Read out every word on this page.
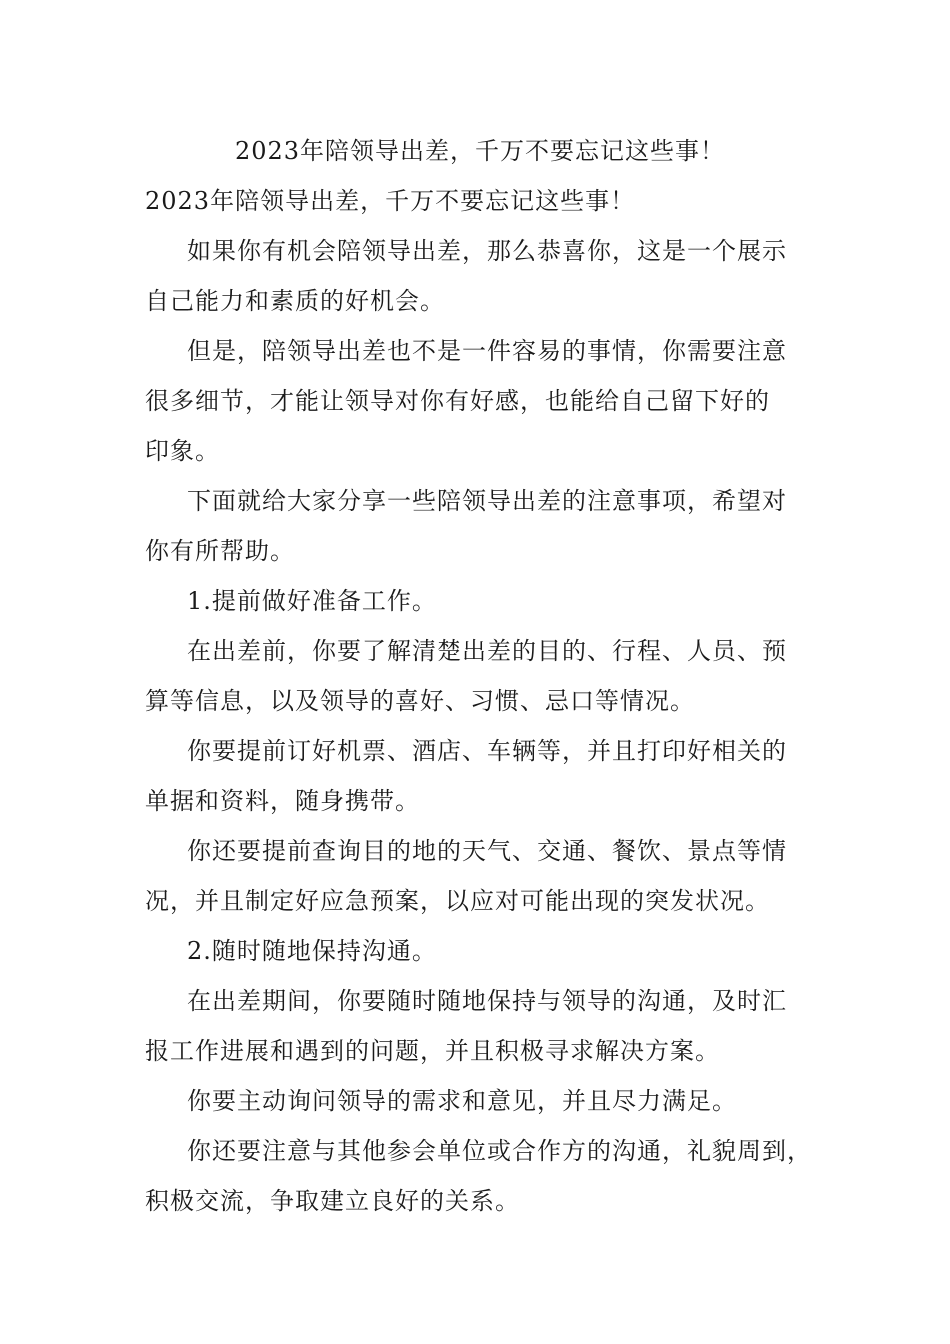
2023年陪领导出差，千万不要忘记这些事！

2023年陪领导出差，千万不要忘记这些事！

如果你有机会陪领导出差，那么恭喜你，这是一个展示

自己能力和素质的好机会。

但是，陪领导出差也不是一件容易的事情，你需要注意

很多细节，才能让领导对你有好感，也能给自己留下好的

印象。

下面就给大家分享一些陪领导出差的注意事项，希望对

你有所帮助。

1.提前做好准备工作。

在出差前，你要了解清楚出差的目的、行程、人员、预

算等信息，以及领导的喜好、习惯、忌口等情况。

你要提前订好机票、酒店、车辆等，并且打印好相关的

单据和资料，随身携带。

你还要提前查询目的地的天气、交通、餐饮、景点等情

况，并且制定好应急预案，以应对可能出现的突发状况。

2.随时随地保持沟通。

在出差期间，你要随时随地保持与领导的沟通，及时汇

报工作进展和遇到的问题，并且积极寻求解决方案。

你要主动询问领导的需求和意见，并且尽力满足。

你还要注意与其他参会单位或合作方的沟通，礼貌周到，

积极交流，争取建立良好的关系。
